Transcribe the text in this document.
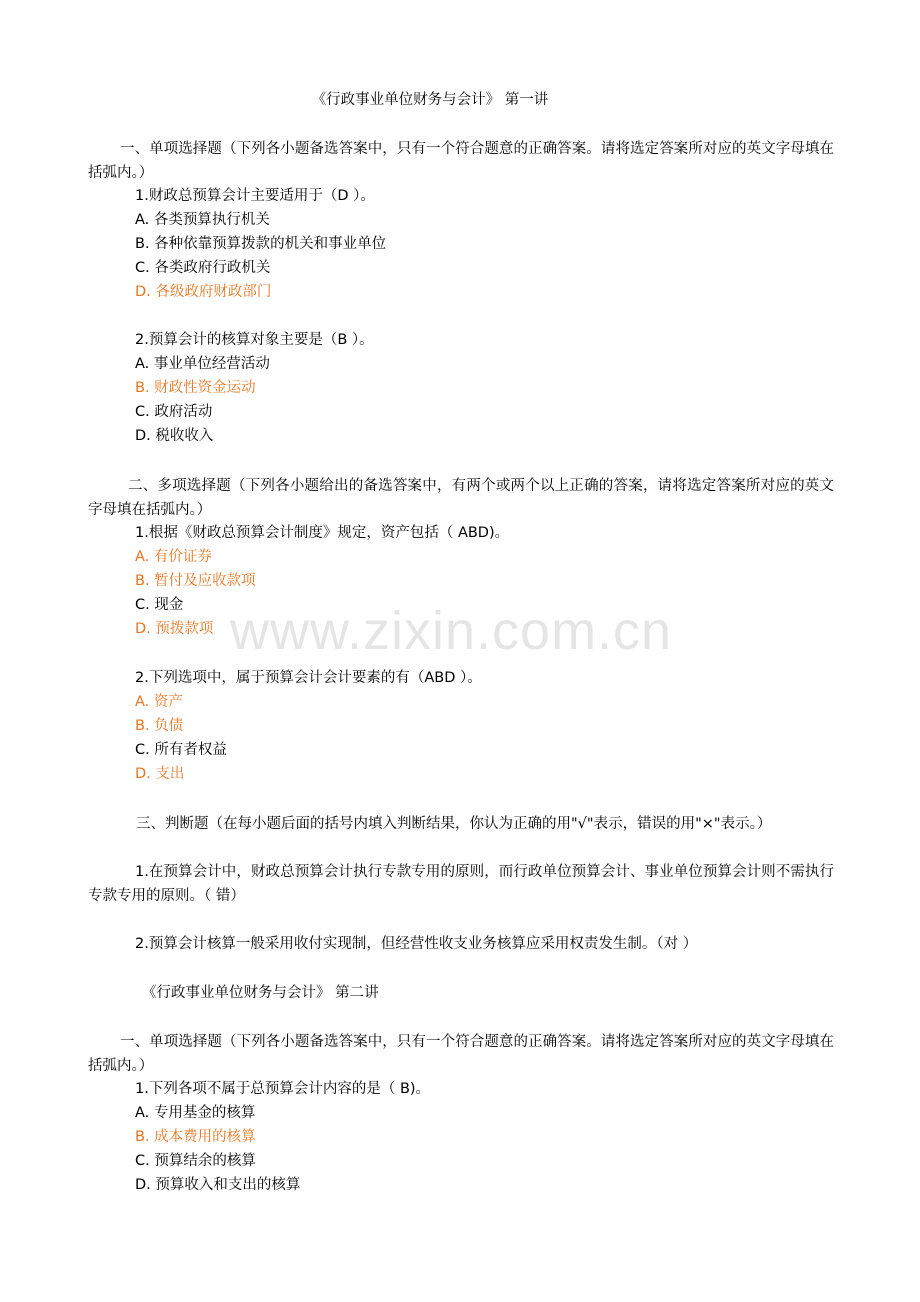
《行政事业单位财务与会计》 第一讲
一、单项选择题（下列各小题备选答案中，只有一个符合题意的正确答案。请将选定答案所对应的英文字母填在括弧内。）
1.财政总预算会计主要适用于（D ）。
A. 各类预算执行机关
B. 各种依靠预算拨款的机关和事业单位
C. 各类政府行政机关
D. 各级政府财政部门
2.预算会计的核算对象主要是（B ）。
A. 事业单位经营活动
B. 财政性资金运动
C. 政府活动
D. 税收收入
二、多项选择题（下列各小题给出的备选答案中，有两个或两个以上正确的答案，请将选定答案所对应的英文字母填在括弧内。）
1.根据《财政总预算会计制度》规定，资产包括（ ABD)。
A. 有价证券
B. 暂付及应收款项
C. 现金
D. 预拨款项
2.下列选项中，属于预算会计会计要素的有（ABD ）。
A. 资产
B. 负债
C. 所有者权益
D. 支出
三、判断题（在每小题后面的括号内填入判断结果，你认为正确的用"√"表示，错误的用"×"表示。）
1.在预算会计中，财政总预算会计执行专款专用的原则，而行政单位预算会计、事业单位预算会计则不需执行专款专用的原则。（ 错）
2.预算会计核算一般采用收付实现制，但经营性收支业务核算应采用权责发生制。（对 ）
《行政事业单位财务与会计》 第二讲
一、单项选择题（下列各小题备选答案中，只有一个符合题意的正确答案。请将选定答案所对应的英文字母填在括弧内。）
1.下列各项不属于总预算会计内容的是（ B)。
A. 专用基金的核算
B. 成本费用的核算
C. 预算结余的核算
D. 预算收入和支出的核算
www.zixin.com.cn
